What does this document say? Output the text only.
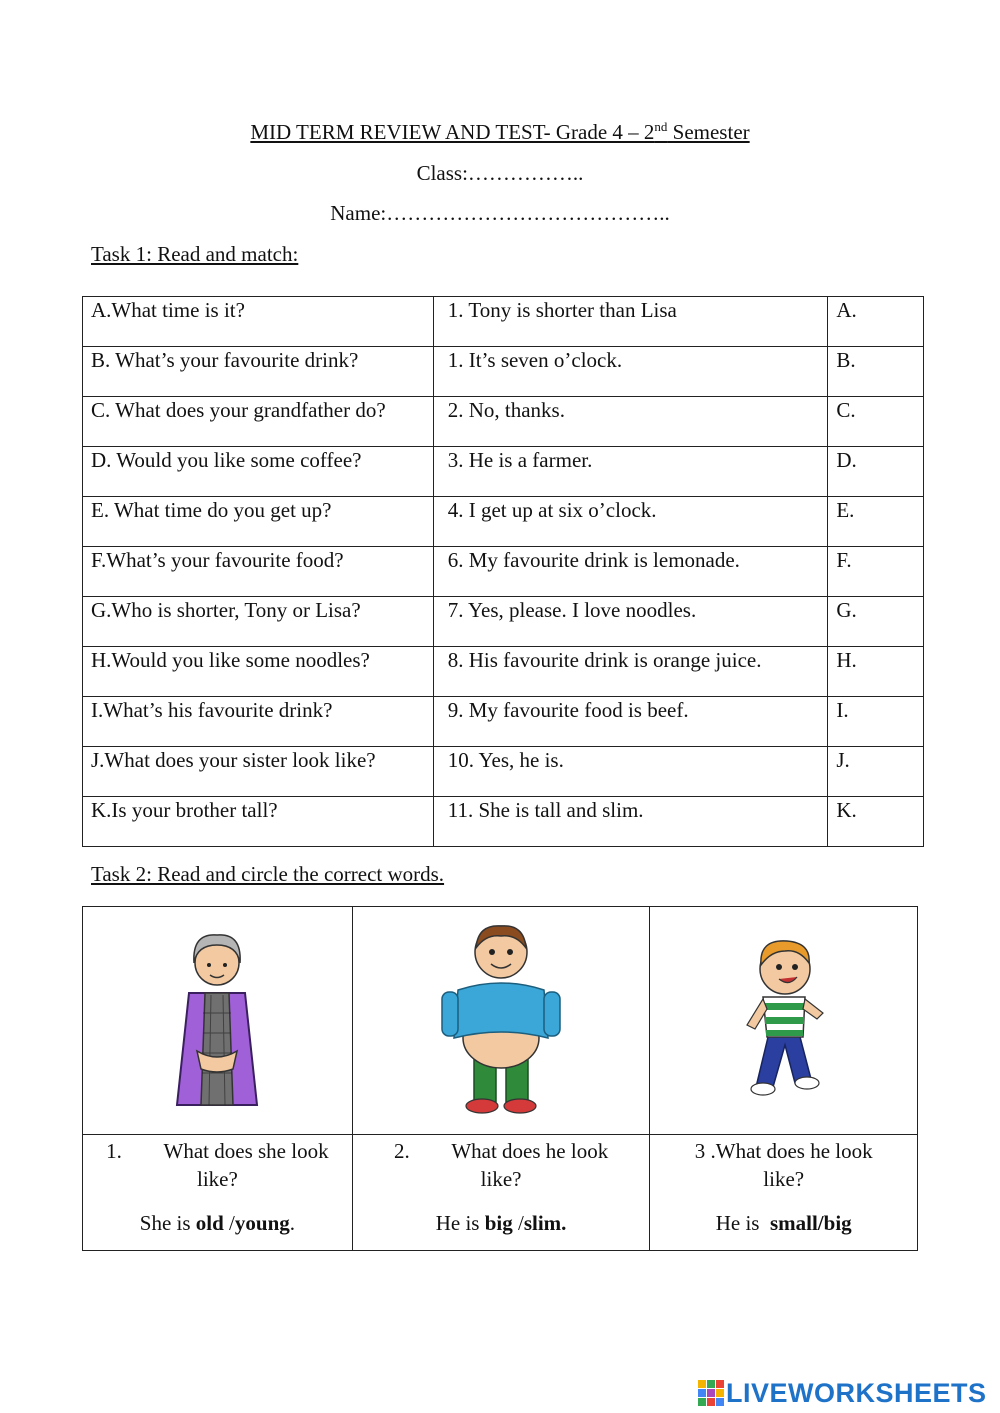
MID TERM REVIEW AND TEST- Grade 4 – 2nd Semester
Class:……………..
Name:…………………………………..
Task 1: Read and match:
A.What time is it?	1. Tony is shorter than Lisa	A.
B. What’s your favourite drink?	1. It’s seven o’clock.	B.
C. What does your grandfather do?	2. No, thanks.	C.
D. Would you like some coffee?	3. He is a farmer.	D.
E. What time do you get up?	4. I get up at six o’clock.	E.
F.What’s your favourite food?	6. My favourite drink is lemonade.	F.
G.Who is shorter, Tony or Lisa?	7. Yes, please. I love noodles.	G.
H.Would you like some noodles?	8. His favourite drink is orange juice.	H.
I.What’s his favourite drink?	9. My favourite food is beef.	I.
J.What does your sister look like?	10. Yes, he is.	J.
K.Is your brother tall?	11. She is tall and slim.	K.
Task 2: Read and circle the correct words.

1.        What does she look
like?
She is old /young.	2.        What does he look
like?
He is big /slim.	3 .What does he look
like?
He is  small/big
LIVEWORKSHEETS
